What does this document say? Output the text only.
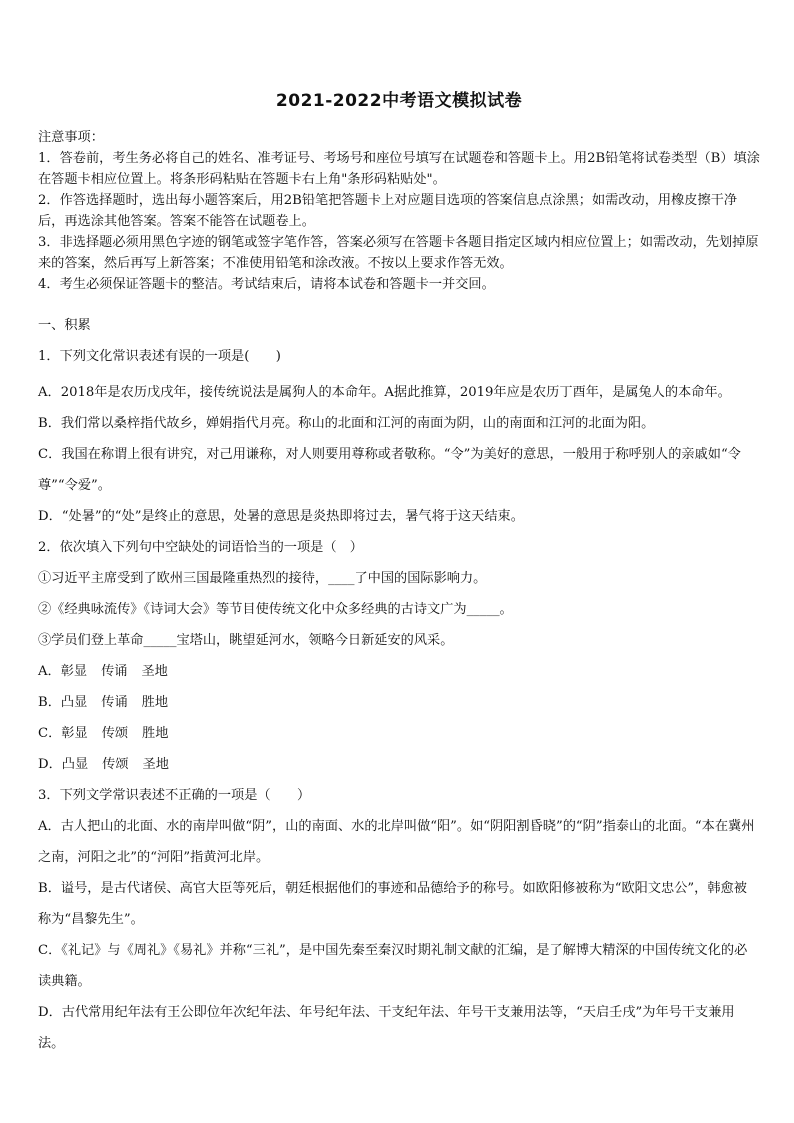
2021-2022中考语文模拟试卷

注意事项：

1．答卷前，考生务必将自己的姓名、准考证号、考场号和座位号填写在试题卷和答题卡上。用2B铅笔将试卷类型（B）填涂在答题卡相应位置上。将条形码粘贴在答题卡右上角"条形码粘贴处"。

2．作答选择题时，选出每小题答案后，用2B铅笔把答题卡上对应题目选项的答案信息点涂黑；如需改动，用橡皮擦干净后，再选涂其他答案。答案不能答在试题卷上。

3．非选择题必须用黑色字迹的钢笔或签字笔作答，答案必须写在答题卡各题目指定区域内相应位置上；如需改动，先划掉原来的答案，然后再写上新答案；不准使用铅笔和涂改液。不按以上要求作答无效。

4．考生必须保证答题卡的整洁。考试结束后，请将本试卷和答题卡一并交回。

一、积累

1．下列文化常识表述有误的一项是(　　)

A．2018年是农历戊戌年，接传统说法是属狗人的本命年。A据此推算，2019年应是农历丁酉年，是属兔人的本命年。

B．我们常以桑梓指代故乡，婵娟指代月亮。称山的北面和江河的南面为阴，山的南面和江河的北面为阳。

C．我国在称谓上很有讲究，对己用谦称，对人则要用尊称或者敬称。“令”为美好的意思，一般用于称呼别人的亲戚如“令尊”“令爱”。

D．“处暑”的“处”是终止的意思，处暑的意思是炎热即将过去，暑气将于这天结束。

2．依次填入下列句中空缺处的词语恰当的一项是（　）

①习近平主席受到了欧州三国最隆重热烈的接待，____了中国的国际影响力。

②《经典咏流传》《诗词大会》等节目使传统文化中众多经典的古诗文广为_____。

③学员们登上革命_____宝塔山，眺望延河水，领略今日新延安的风采。

A．彰显 传诵 圣地

B．凸显 传诵 胜地

C．彰显 传颂 胜地

D．凸显 传颂 圣地

3．下列文学常识表述不正确的一项是（　　）

A．古人把山的北面、水的南岸叫做“阴”，山的南面、水的北岸叫做“阳”。如“阴阳割昏晓”的“阴”指泰山的北面。“本在冀州之南，河阳之北”的“河阳”指黄河北岸。

B．谥号，是古代诸侯、高官大臣等死后，朝廷根据他们的事迹和品德给予的称号。如欧阳修被称为“欧阳文忠公”，韩愈被称为“昌黎先生”。

C．《礼记》与《周礼》《易礼》并称“三礼”，是中国先秦至秦汉时期礼制文献的汇编，是了解博大精深的中国传统文化的必读典籍。

D．古代常用纪年法有王公即位年次纪年法、年号纪年法、干支纪年法、年号干支兼用法等，“天启壬戌”为年号干支兼用法。
